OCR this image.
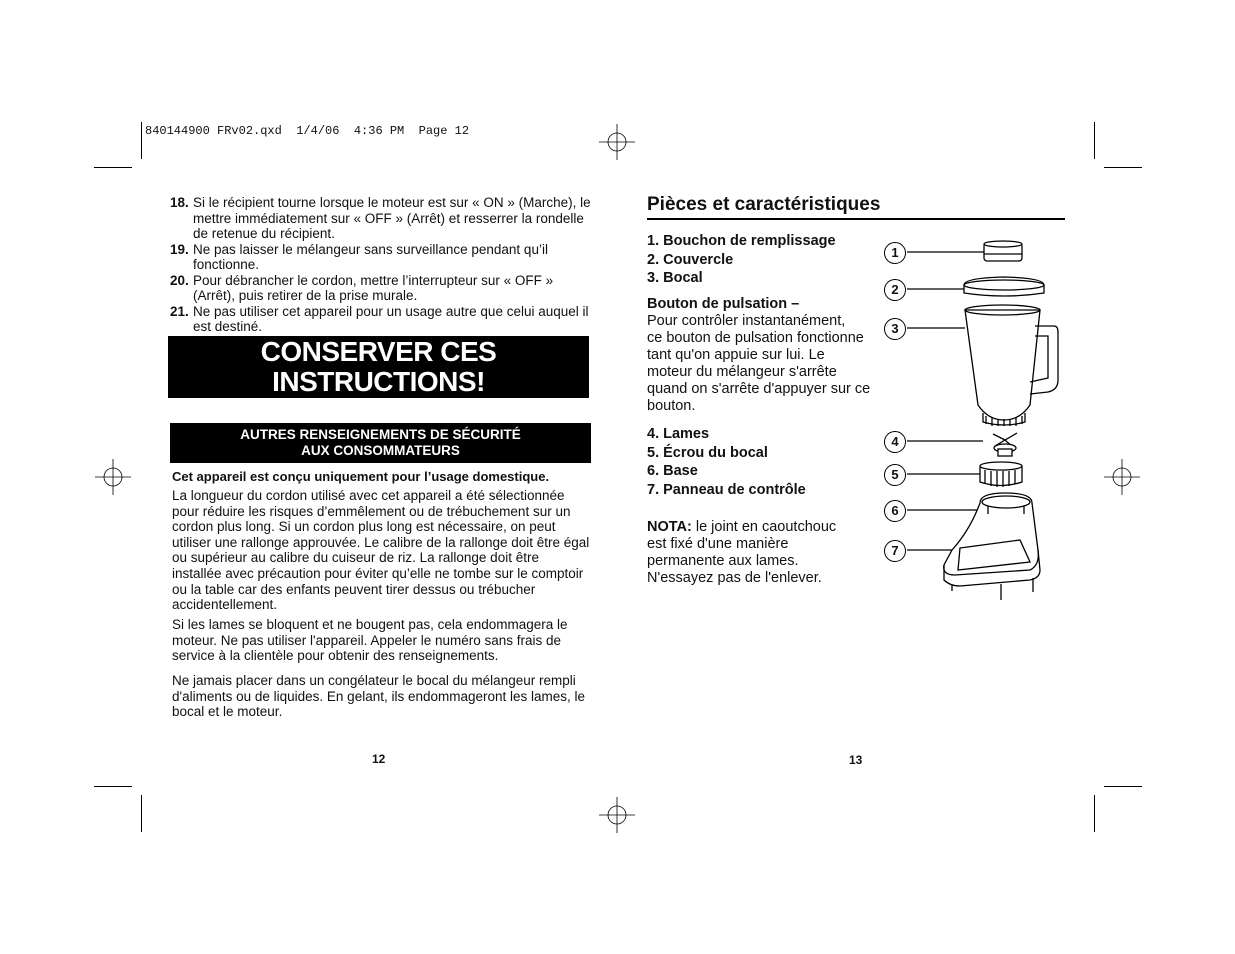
840144900 FRv02.qxd  1/4/06  4:36 PM  Page 12
18. Si le récipient tourne lorsque le moteur est sur « ON » (Marche), le mettre immédiatement sur « OFF » (Arrêt) et resserrer la rondelle de retenue du récipient.
19. Ne pas laisser le mélangeur sans surveillance pendant qu’il fonctionne.
20. Pour débrancher le cordon, mettre l’interrupteur sur « OFF » (Arrêt), puis retirer de la prise murale.
21. Ne pas utiliser cet appareil pour un usage autre que celui auquel il est destiné.
CONSERVER CES
INSTRUCTIONS!
AUTRES RENSEIGNEMENTS DE SÉCURITÉ
AUX CONSOMMATEURS
Cet appareil est conçu uniquement pour l’usage domestique.
La longueur du cordon utilisé avec cet appareil a été sélectionnée pour réduire les risques d’emmêlement ou de trébuchement sur un cordon plus long. Si un cordon plus long est nécessaire, on peut utiliser une rallonge approuvée. Le calibre de la rallonge doit être égal ou supérieur au calibre du cuiseur de riz. La rallonge doit être installée avec précaution pour éviter qu’elle ne tombe sur le comptoir ou la table car des enfants peuvent tirer dessus ou trébucher accidentellement.
Si les lames se bloquent et ne bougent pas, cela endommagera le moteur. Ne pas utiliser l'appareil. Appeler le numéro sans frais de service à la clientèle pour obtenir des renseignements.
Ne jamais placer dans un congélateur le bocal du mélangeur rempli d'aliments ou de liquides. En gelant, ils endommageront les lames, le bocal et le moteur.
12
Pièces et caractéristiques
1. Bouchon de remplissage
2. Couvercle
3. Bocal
Bouton de pulsation –
Pour contrôler instantanément,
ce bouton de pulsation fonctionne
tant qu'on appuie sur lui. Le
moteur du mélangeur s'arrête
quand on s'arrête d'appuyer sur ce
bouton.
4. Lames
5. Écrou du bocal
6. Base
7. Panneau de contrôle
NOTA: le joint en caoutchouc
est fixé d'une manière
permanente aux lames.
N'essayez pas de l'enlever.
1
2
3
4
5
6
7
13
